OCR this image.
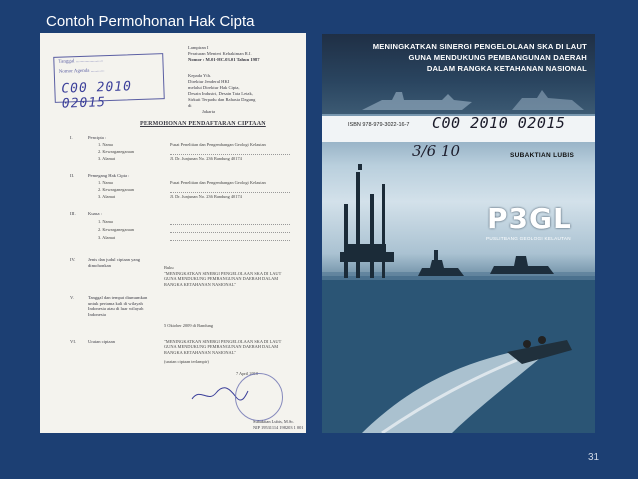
Contoh Permohonan Hak Cipta
Tanggal ......................
Nomor Agenda ...........
C00 2010 02015
Lampiran I
Peraturan Menteri Kehakiman R.I.
Nomor : M.01-HC.03.01 Tahun 1987
Kepada Yth.
Direktur Jenderal HKI
melalui Direktur Hak Cipta,
Desain Industri, Desain Tata Letak,
Sirkuit Terpadu dan Rahasia Dagang
di
Jakarta
PERMOHONAN PENDAFTARAN CIPTAAN
I.	Pencipta :
1. Nama	Pusat Penelitian dan Pengembangan Geologi Kelautan
2. Kewarganegaraan
3. Alamat	Jl. Dr. Junjunan No. 236 Bandung 40174
II.	Pemegang Hak Cipta :
1. Nama	Pusat Penelitian dan Pengembangan Geologi Kelautan
2. Kewarganegaraan
3. Alamat	Jl. Dr. Junjunan No. 236 Bandung 40174
III.	Kuasa :
1. Nama
2. Kewarganegaraan
3. Alamat
IV.	Jenis dan judul ciptaan yang dimohonkan	Buku
"MENINGKATKAN SINERGI PENGELOLAAN SKA DI LAUT GUNA MENDUKUNG PEMBANGUNAN DAERAH DALAM RANGKA KETAHANAN NASIONAL"
V.	Tanggal dan tempat diumumkan untuk pertama kali di wilayah Indonesia atau di luar wilayah Indonesia
5 Oktober 2009 di Bandung
VI.	Uraian ciptaan	"MENINGKATKAN SINERGI PENGELOLAAN SKA DI LAUT GUNA MENDUKUNG PEMBANGUNAN DAERAH DALAM RANGKA KETAHANAN NASIONAL"
(uraian ciptaan terlampir)
7 April 2010
Subaktian Lubis, M.Sc.
NIP 19531114 198203 1 001
MENINGKATKAN SINERGI PENGELOLAAN SKA DI LAUT
GUNA MENDUKUNG PEMBANGUNAN DAERAH
DALAM RANGKA KETAHANAN NASIONAL
ISBN 978-979-3022-16-7 C00 2010 02015
3/6 10	SUBAKTIAN LUBIS
P3GL
PUSLITBANG GEOLOGI KELAUTAN
31
